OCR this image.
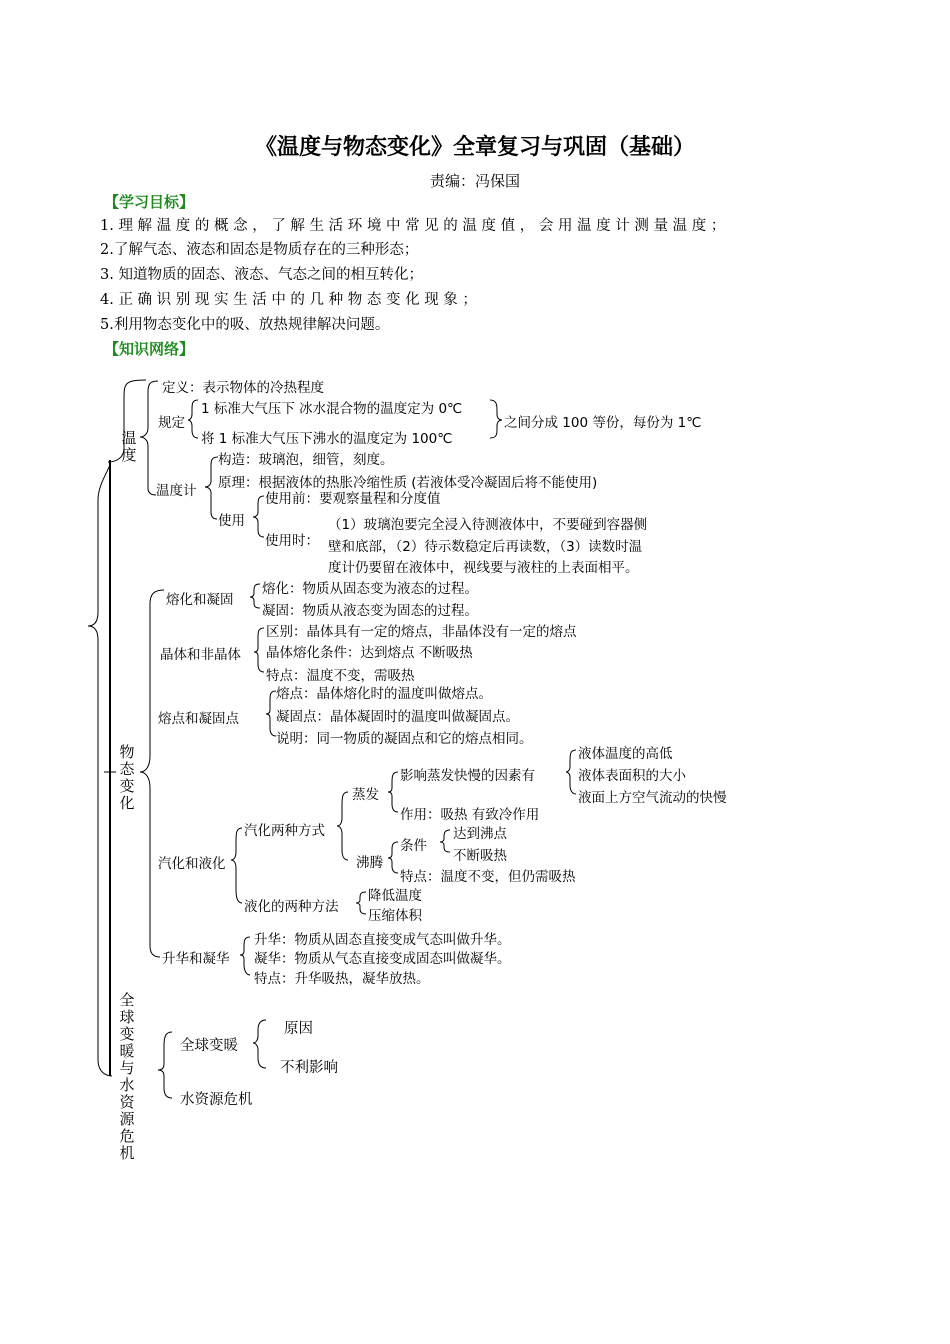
《温度与物态变化》全章复习与巩固（基础）
责编：冯保国
【学习目标】
1. 理 解 温 度 的 概 念 ， 了 解 生 活 环 境 中 常 见 的 温 度 值 ， 会 用 温 度 计 测 量 温 度 ；
2.了解气态、液态和固态是物质存在的三种形态；
3. 知道物质的固态、液态、气态之间的相互转化；
4. 正 确 识 别 现 实 生 活 中 的 几 种 物 态 变 化 现 象 ；
5.利用物态变化中的吸、放热规律解决问题。
【知识网络】
温度
物态变化
全球变暖与水资源危机
定义：表示物体的冷热程度
规定
1 标准大气压下 冰水混合物的温度定为 0℃
将 1 标准大气压下沸水的温度定为 100℃
之间分成 100 等份，每份为 1℃
温度计
构造：玻璃泡，细管，刻度。
原理：根据液体的热胀冷缩性质 (若液体受冷凝固后将不能使用)
使用
使用前：要观察量程和分度值
使用时：
（1）玻璃泡要完全浸入待测液体中，不要碰到容器侧
壁和底部，（2）待示数稳定后再读数，（3）读数时温
度计仍要留在液体中，视线要与液柱的上表面相平。
熔化和凝固
熔化：物质从固态变为液态的过程。
凝固：物质从液态变为固态的过程。
晶体和非晶体
区别：晶体具有一定的熔点，非晶体没有一定的熔点
晶体熔化条件：达到熔点 不断吸热
特点：温度不变，需吸热
熔点和凝固点
熔点：晶体熔化时的温度叫做熔点。
凝固点：晶体凝固时的温度叫做凝固点。
说明：同一物质的凝固点和它的熔点相同。
汽化和液化
汽化两种方式
蒸发
影响蒸发快慢的因素有
液体温度的高低
液体表面积的大小
液面上方空气流动的快慢
作用：吸热 有致冷作用
沸腾
条件
达到沸点
不断吸热
特点：温度不变，但仍需吸热
液化的两种方法
降低温度
压缩体积
升华和凝华
升华：物质从固态直接变成气态叫做升华。
凝华：物质从气态直接变成固态叫做凝华。
特点：升华吸热，凝华放热。
全球变暖
原因
不利影响
水资源危机
